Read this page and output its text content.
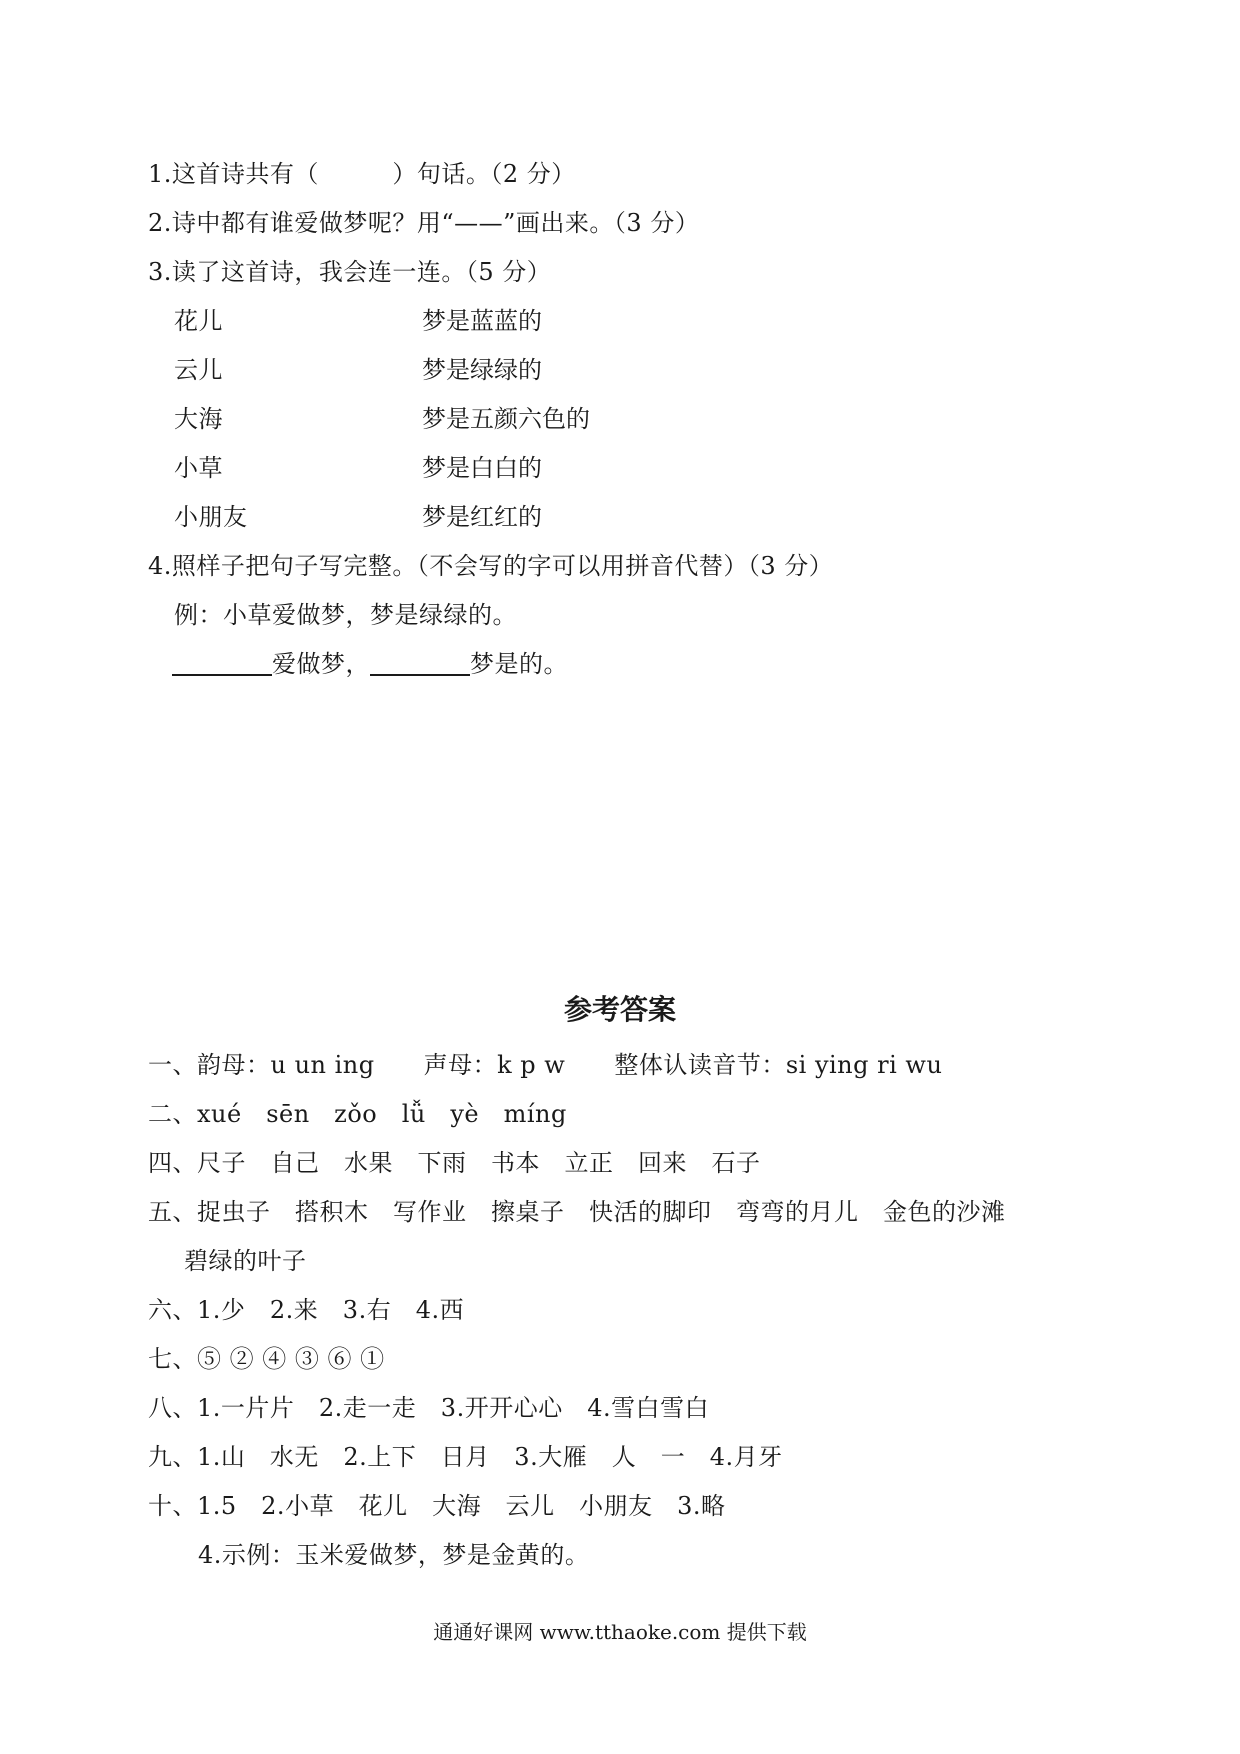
1.这首诗共有（　　　）句话。（2 分）
2.诗中都有谁爱做梦呢？用“——”画出来。（3 分）
3.读了这首诗，我会连一连。（5 分）
花儿	梦是蓝蓝的
云儿	梦是绿绿的
大海	梦是五颜六色的
小草	梦是白白的
小朋友	梦是红红的
4.照样子把句子写完整。（不会写的字可以用拼音代替）（3 分）
例：小草爱做梦，梦是绿绿的。
爱做梦，	梦是的。
参考答案
一、韵母：u un ing　　声母：k p w　　整体认读音节：si ying ri wu
二、xué　sēn　zǒo　lǚ　yè　míng
四、尺子　自己　水果　下雨　书本　立正　回来　石子
五、捉虫子　搭积木　写作业　擦桌子　快活的脚印　弯弯的月儿　金色的沙滩
碧绿的叶子
六、1.少　2.来　3.右　4.西
七、⑤ ② ④ ③ ⑥ ①
八、1.一片片　2.走一走　3.开开心心　4.雪白雪白
九、1.山　水无　2.上下　日月　3.大雁　人　一　4.月牙
十、1.5　2.小草　花儿　大海　云儿　小朋友　3.略
4.示例：玉米爱做梦，梦是金黄的。
通通好课网 www.tthaoke.com 提供下载
